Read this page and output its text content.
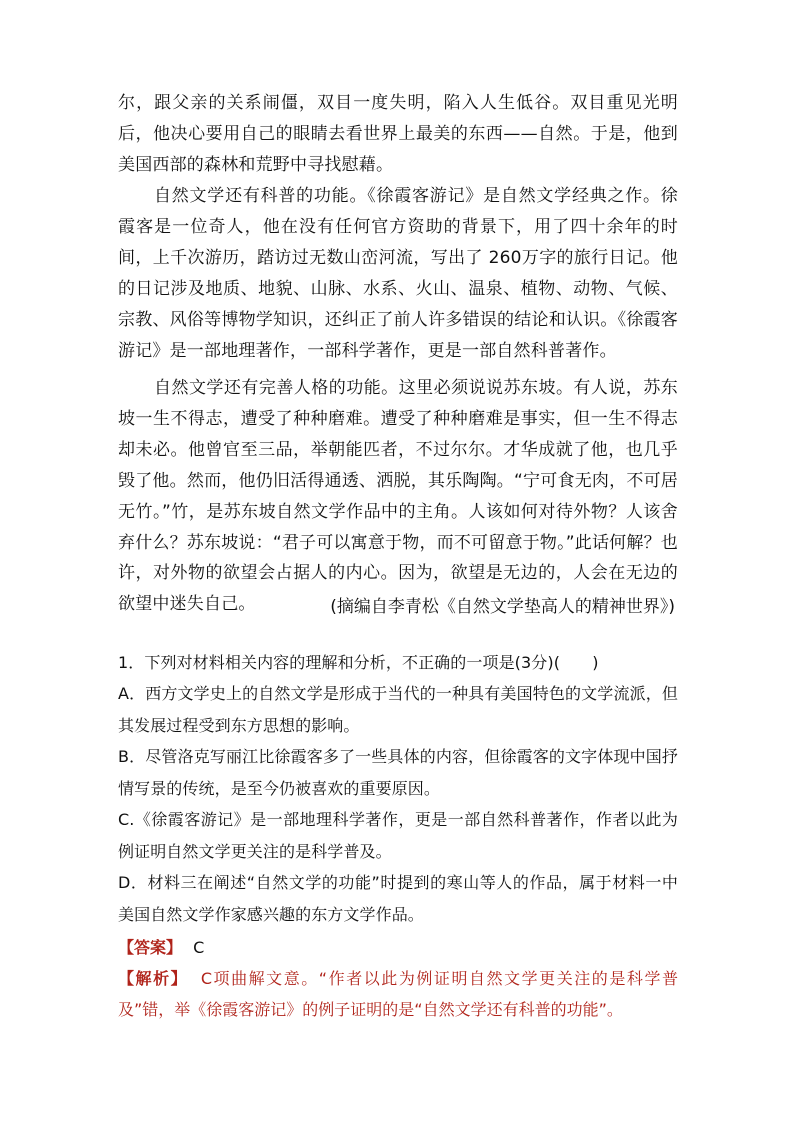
尔，跟父亲的关系闹僵，双目一度失明，陷入人生低谷。双目重见光明后，他决心要用自己的眼睛去看世界上最美的东西——自然。于是，他到美国西部的森林和荒野中寻找慰藉。

自然文学还有科普的功能。《徐霞客游记》是自然文学经典之作。徐霞客是一位奇人，他在没有任何官方资助的背景下，用了四十余年的时间，上千次游历，踏访过无数山峦河流，写出了 260万字的旅行日记。他的日记涉及地质、地貌、山脉、水系、火山、温泉、植物、动物、气候、宗教、风俗等博物学知识，还纠正了前人许多错误的结论和认识。《徐霞客游记》是一部地理著作，一部科学著作，更是一部自然科普著作。

自然文学还有完善人格的功能。这里必须说说苏东坡。有人说，苏东坡一生不得志，遭受了种种磨难。遭受了种种磨难是事实，但一生不得志却未必。他曾官至三品，举朝能匹者，不过尔尔。才华成就了他，也几乎毁了他。然而，他仍旧活得通透、洒脱，其乐陶陶。“宁可食无肉，不可居无竹。”竹，是苏东坡自然文学作品中的主角。人该如何对待外物？人该舍弃什么？苏东坡说：“君子可以寓意于物，而不可留意于物。”此话何解？也许，对外物的欲望会占据人的内心。因为，欲望是无边的，人会在无边的欲望中迷失自己。	(摘编自李青松《自然文学垫高人的精神世界》)

1．下列对材料相关内容的理解和分析，不正确的一项是(3分)(　　)

A．西方文学史上的自然文学是形成于当代的一种具有美国特色的文学流派，但其发展过程受到东方思想的影响。

B．尽管洛克写丽江比徐霞客多了一些具体的内容，但徐霞客的文字体现中国抒情写景的传统，是至今仍被喜欢的重要原因。

C.《徐霞客游记》是一部地理科学著作，更是一部自然科普著作，作者以此为例证明自然文学更关注的是科学普及。

D．材料三在阐述“自然文学的功能”时提到的寒山等人的作品，属于材料一中美国自然文学作家感兴趣的东方文学作品。

【答案】 C

【解析】 C项曲解文意。“作者以此为例证明自然文学更关注的是科学普及”错，举《徐霞客游记》的例子证明的是“自然文学还有科普的功能”。
